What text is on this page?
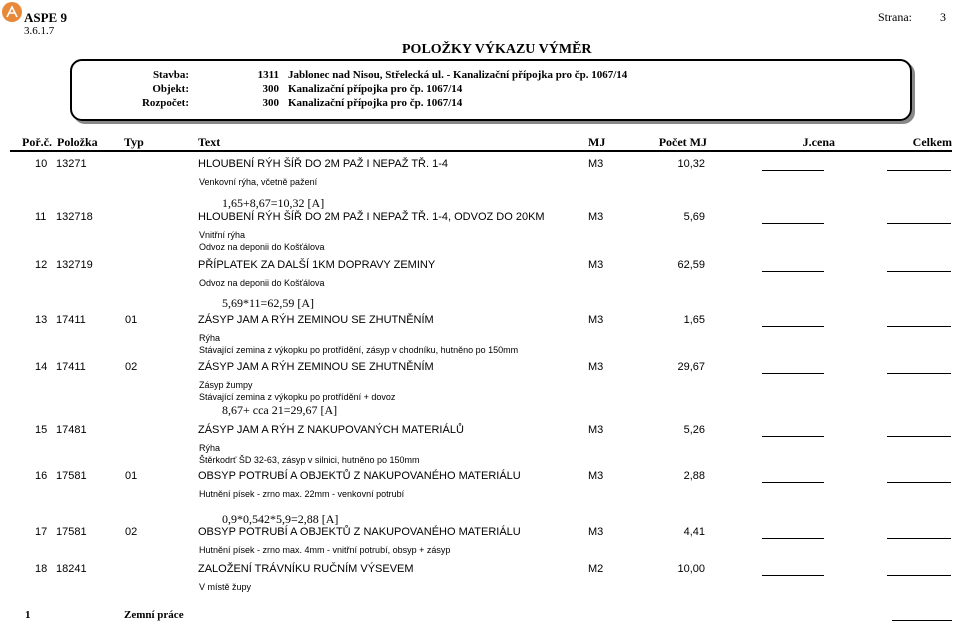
ASPE 9
3.6.1.7
Strana: 3
POLOŽKY VÝKAZU VÝMĚR
Stavba:	1311 Jablonec nad Nisou, Střelecká ul. - Kanalizační přípojka pro čp. 1067/14
Objekt:	300 Kanalizační přípojka pro čp. 1067/14
Rozpočet:	300 Kanalizační přípojka pro čp. 1067/14
Poř.č. Položka Typ	Text	MJ	Počet MJ	J.cena	Celkem
10 13271	HLOUBENÍ RÝH ŠÍŘ DO 2M PAŽ I NEPAŽ TŘ. 1-4	M3	10,32
Venkovní rýha, včetně pažení
1,65+8,67=10,32 [A]
11 132718	HLOUBENÍ RÝH ŠÍŘ DO 2M PAŽ I NEPAŽ TŘ. 1-4, ODVOZ DO 20KM	M3	5,69
Vnitřní rýha
Odvoz na deponii do Košťálova
12 132719	PŘÍPLATEK ZA DALŠÍ 1KM DOPRAVY ZEMINY	M3	62,59
Odvoz na deponii do Košťálova
5,69*11=62,59 [A]
13 17411	01	ZÁSYP JAM A RÝH ZEMINOU SE ZHUTNĚNÍM	M3	1,65
Rýha
Stávající zemina z výkopku po protřídění, zásyp v chodníku, hutněno po 150mm
14 17411	02	ZÁSYP JAM A RÝH ZEMINOU SE ZHUTNĚNÍM	M3	29,67
Zásyp žumpy
Stávající zemina z výkopku po protřídění + dovoz
8,67+ cca 21=29,67 [A]
15 17481	ZÁSYP JAM A RÝH Z NAKUPOVANÝCH MATERIÁLŮ	M3	5,26
Rýha
Štěrkodrť ŠD 32-63, zásyp v silnici, hutněno po 150mm
16 17581	01	OBSYP POTRUBÍ A OBJEKTŮ Z NAKUPOVANÉHO MATERIÁLU	M3	2,88
Hutnění písek - zrno max. 22mm - venkovní potrubí
0,9*0,542*5,9=2,88 [A]
17 17581	02	OBSYP POTRUBÍ A OBJEKTŮ Z NAKUPOVANÉHO MATERIÁLU	M3	4,41
Hutnění písek - zrno max. 4mm - vnitřní potrubí, obsyp + zásyp
18 18241	ZALOŽENÍ TRÁVNÍKU RUČNÍM VÝSEVEM	M2	10,00
V místě župy
1	Zemní práce
